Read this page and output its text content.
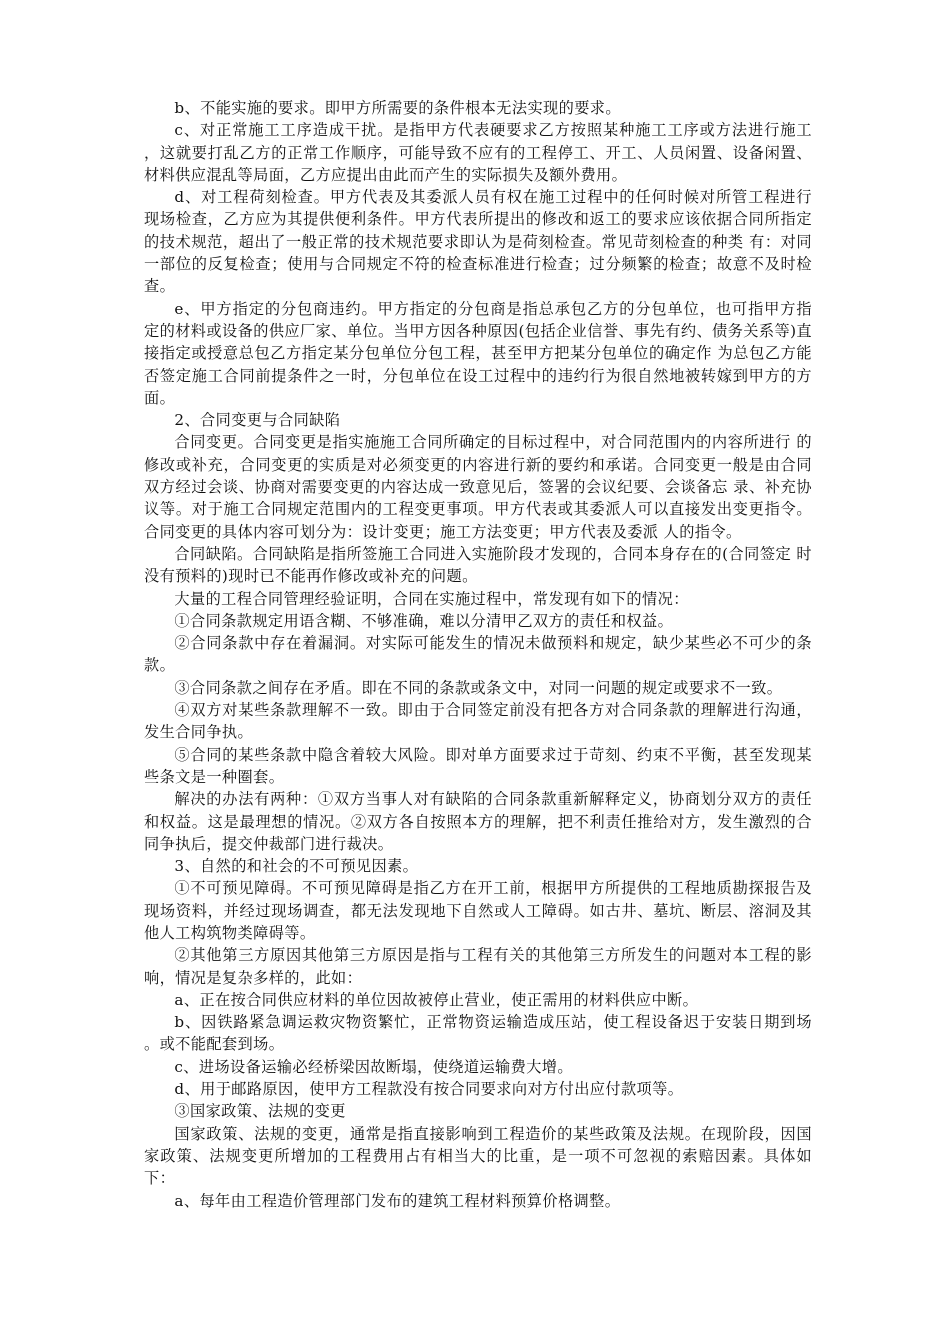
b、不能实施的要求。即甲方所需要的条件根本无法实现的要求。

c、对正常施工工序造成干扰。是指甲方代表硬要求乙方按照某种施工工序或方法进行施工 ，这就要打乱乙方的正常工作顺序，可能导致不应有的工程停工、开工、人员闲置、设备闲置、材料供应混乱等局面，乙方应提出由此而产生的实际损失及额外费用。

d、对工程荷刻检查。甲方代表及其委派人员有权在施工过程中的任何时候对所管工程进行 现场检查，乙方应为其提供便利条件。甲方代表所提出的修改和返工的要求应该依据合同所指定的技术规范，超出了一般正常的技术规范要求即认为是荷刻检查。常见苛刻检查的种类 有：对同一部位的反复检查；使用与合同规定不符的检查标准进行检查；过分频繁的检查；故意不及时检查。

e、甲方指定的分包商违约。甲方指定的分包商是指总承包乙方的分包单位，也可指甲方指 定的材料或设备的供应厂家、单位。当甲方因各种原因(包括企业信誉、事先有约、债务关系等)直接指定或授意总包乙方指定某分包单位分包工程，甚至甲方把某分包单位的确定作 为总包乙方能否签定施工合同前提条件之一时，分包单位在设工过程中的违约行为很自然地被转嫁到甲方的方面。

2、合同变更与合同缺陷

合同变更。合同变更是指实施施工合同所确定的目标过程中，对合同范围内的内容所进行 的修改或补充，合同变更的实质是对必须变更的内容进行新的要约和承诺。合同变更一般是由合同双方经过会谈、协商对需要变更的内容达成一致意见后，签署的会议纪要、会谈备忘 录、补充协议等。对于施工合同规定范围内的工程变更事项。甲方代表或其委派人可以直接发出变更指令。合同变更的具体内容可划分为：设计变更；施工方法变更；甲方代表及委派 人的指令。

合同缺陷。合同缺陷是指所签施工合同进入实施阶段才发现的，合同本身存在的(合同签定 时没有预料的)现时已不能再作修改或补充的问题。

大量的工程合同管理经验证明，合同在实施过程中，常发现有如下的情况：

①合同条款规定用语含糊、不够准确，难以分清甲乙双方的责任和权益。

②合同条款中存在着漏洞。对实际可能发生的情况未做预料和规定，缺少某些必不可少的条 款。

③合同条款之间存在矛盾。即在不同的条款或条文中，对同一问题的规定或要求不一致。

④双方对某些条款理解不一致。即由于合同签定前没有把各方对合同条款的理解进行沟通， 发生合同争执。

⑤合同的某些条款中隐含着较大风险。即对单方面要求过于苛刻、约束不平衡，甚至发现某 些条文是一种圈套。

解决的办法有两种：①双方当事人对有缺陷的合同条款重新解释定义，协商划分双方的责任 和权益。这是最理想的情况。②双方各自按照本方的理解，把不利责任推给对方，发生激烈的合同争执后，提交仲裁部门进行裁决。

3、自然的和社会的不可预见因素。

①不可预见障碍。不可预见障碍是指乙方在开工前，根据甲方所提供的工程地质勘探报告及 现场资料，并经过现场调查，都无法发现地下自然或人工障碍。如古井、墓坑、断层、溶洞及其他人工构筑物类障碍等。

②其他第三方原因其他第三方原因是指与工程有关的其他第三方所发生的问题对本工程的影 响，情况是复杂多样的，此如：

a、正在按合同供应材料的单位因故被停止营业，使正需用的材料供应中断。

b、因铁路紧急调运救灾物资繁忙，正常物资运输造成压站，使工程设备迟于安装日期到场 。或不能配套到场。

c、进场设备运输必经桥梁因故断塌，使绕道运输费大增。

d、用于邮路原因，使甲方工程款没有按合同要求向对方付出应付款项等。

③国家政策、法规的变更

国家政策、法规的变更，通常是指直接影响到工程造价的某些政策及法规。在现阶段，因国 家政策、法规变更所增加的工程费用占有相当大的比重，是一项不可忽视的索赔因素。具体如下：

a、每年由工程造价管理部门发布的建筑工程材料预算价格调整。
